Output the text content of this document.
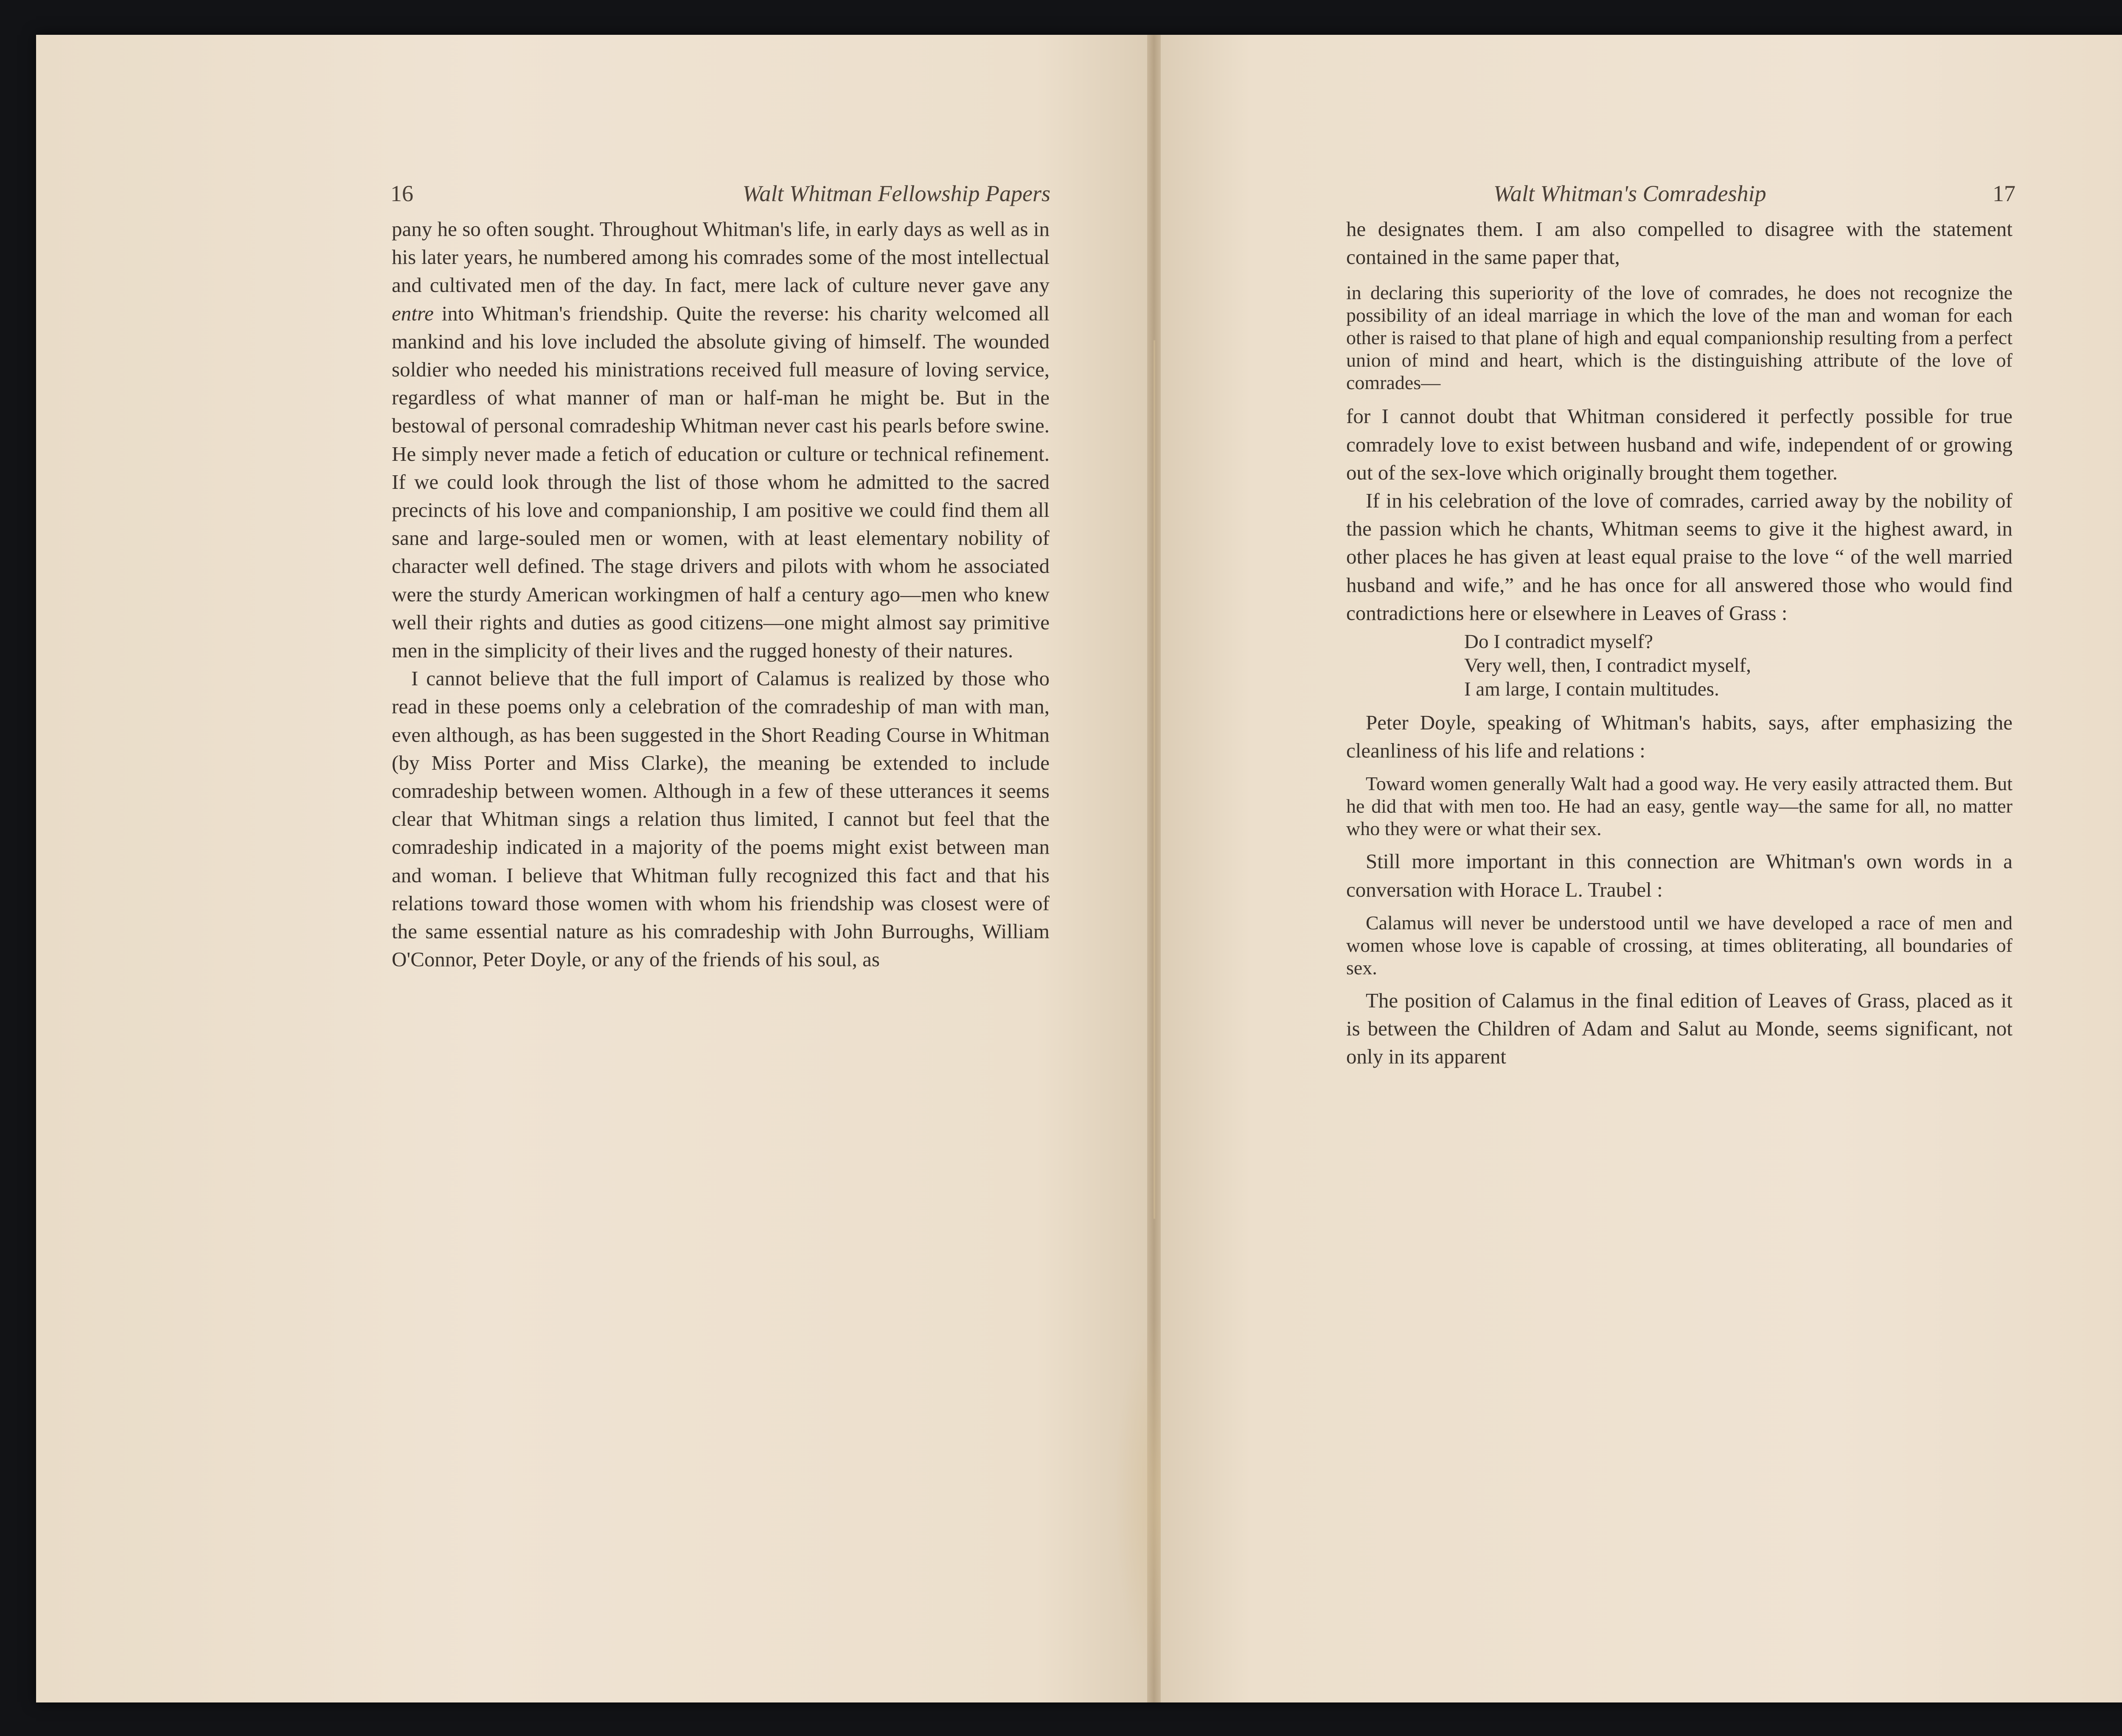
16	Walt Whitman Fellowship Papers

pany he so often sought. Throughout Whitman's life, in early days as well as in his later years, he numbered among his comrades some of the most intellectual and cultivated men of the day. In fact, mere lack of culture never gave any entre into Whitman's friendship. Quite the reverse: his charity welcomed all mankind and his love included the absolute giving of himself. The wounded soldier who needed his ministrations received full measure of loving service, regardless of what manner of man or half-man he might be. But in the bestowal of personal comradeship Whitman never cast his pearls before swine. He simply never made a fetich of education or culture or technical refinement. If we could look through the list of those whom he admitted to the sacred precincts of his love and companionship, I am positive we could find them all sane and large-souled men or women, with at least elementary nobility of character well defined. The stage drivers and pilots with whom he associated were the sturdy American workingmen of half a century ago—men who knew well their rights and duties as good citizens—one might almost say primitive men in the simplicity of their lives and the rugged honesty of their natures.

I cannot believe that the full import of Calamus is realized by those who read in these poems only a celebration of the comradeship of man with man, even although, as has been suggested in the Short Reading Course in Whitman (by Miss Porter and Miss Clarke), the meaning be extended to include comradeship between women. Although in a few of these utterances it seems clear that Whitman sings a relation thus limited, I cannot but feel that the comradeship indicated in a majority of the poems might exist between man and woman. I believe that Whitman fully recognized this fact and that his relations toward those women with whom his friendship was closest were of the same essential nature as his comradeship with John Burroughs, William O'Connor, Peter Doyle, or any of the friends of his soul, as

Walt Whitman's Comradeship	17

he designates them. I am also compelled to disagree with the statement contained in the same paper that,

in declaring this superiority of the love of comrades, he does not recognize the possibility of an ideal marriage in which the love of the man and woman for each other is raised to that plane of high and equal companionship resulting from a perfect union of mind and heart, which is the distinguishing attribute of the love of comrades—

for I cannot doubt that Whitman considered it perfectly possible for true comradely love to exist between husband and wife, independent of or growing out of the sex-love which originally brought them together.

If in his celebration of the love of comrades, carried away by the nobility of the passion which he chants, Whitman seems to give it the highest award, in other places he has given at least equal praise to the love “ of the well married husband and wife,” and he has once for all answered those who would find contradictions here or elsewhere in Leaves of Grass :

Do I contradict myself?
Very well, then, I contradict myself,
I am large, I contain multitudes.

Peter Doyle, speaking of Whitman's habits, says, after emphasizing the cleanliness of his life and relations :

Toward women generally Walt had a good way. He very easily attracted them. But he did that with men too. He had an easy, gentle way—the same for all, no matter who they were or what their sex.

Still more important in this connection are Whitman's own words in a conversation with Horace L. Traubel :

Calamus will never be understood until we have developed a race of men and women whose love is capable of crossing, at times obliterating, all boundaries of sex.

The position of Calamus in the final edition of Leaves of Grass, placed as it is between the Children of Adam and Salut au Monde, seems significant, not only in its apparent
